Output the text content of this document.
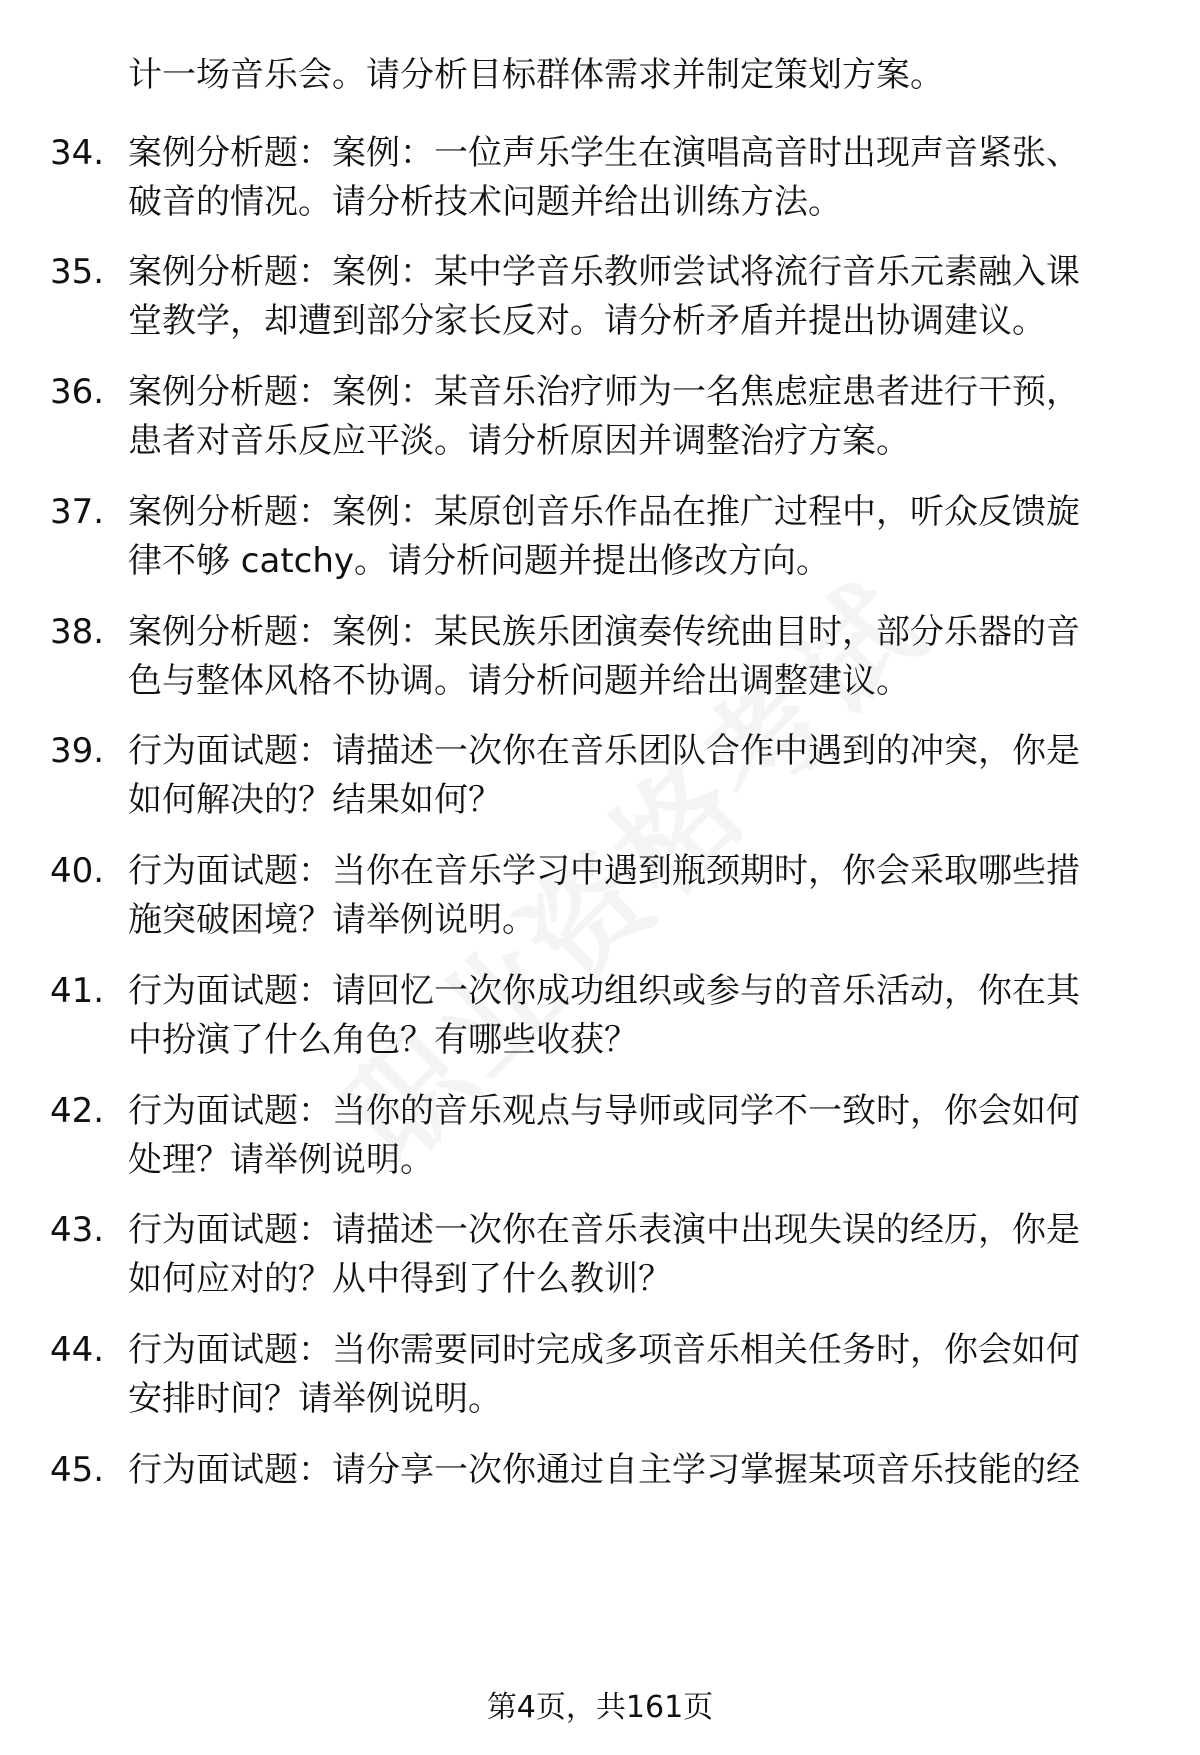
计一场音乐会。请分析目标群体需求并制定策划方案。
34. 案例分析题：案例：一位声乐学生在演唱高音时出现声音紧张、
破音的情况。请分析技术问题并给出训练方法。
35. 案例分析题：案例：某中学音乐教师尝试将流行音乐元素融入课
堂教学，却遭到部分家长反对。请分析矛盾并提出协调建议。
36. 案例分析题：案例：某音乐治疗师为一名焦虑症患者进行干预，
患者对音乐反应平淡。请分析原因并调整治疗方案。
37. 案例分析题：案例：某原创音乐作品在推广过程中，听众反馈旋
律不够 catchy。请分析问题并提出修改方向。
38. 案例分析题：案例：某民族乐团演奏传统曲目时，部分乐器的音
色与整体风格不协调。请分析问题并给出调整建议。
39. 行为面试题：请描述一次你在音乐团队合作中遇到的冲突，你是
如何解决的？结果如何？
40. 行为面试题：当你在音乐学习中遇到瓶颈期时，你会采取哪些措
施突破困境？请举例说明。
41. 行为面试题：请回忆一次你成功组织或参与的音乐活动，你在其
中扮演了什么角色？有哪些收获？
42. 行为面试题：当你的音乐观点与导师或同学不一致时，你会如何
处理？请举例说明。
43. 行为面试题：请描述一次你在音乐表演中出现失误的经历，你是
如何应对的？从中得到了什么教训？
44. 行为面试题：当你需要同时完成多项音乐相关任务时，你会如何
安排时间？请举例说明。
45. 行为面试题：请分享一次你通过自主学习掌握某项音乐技能的经
第4页，共161页
